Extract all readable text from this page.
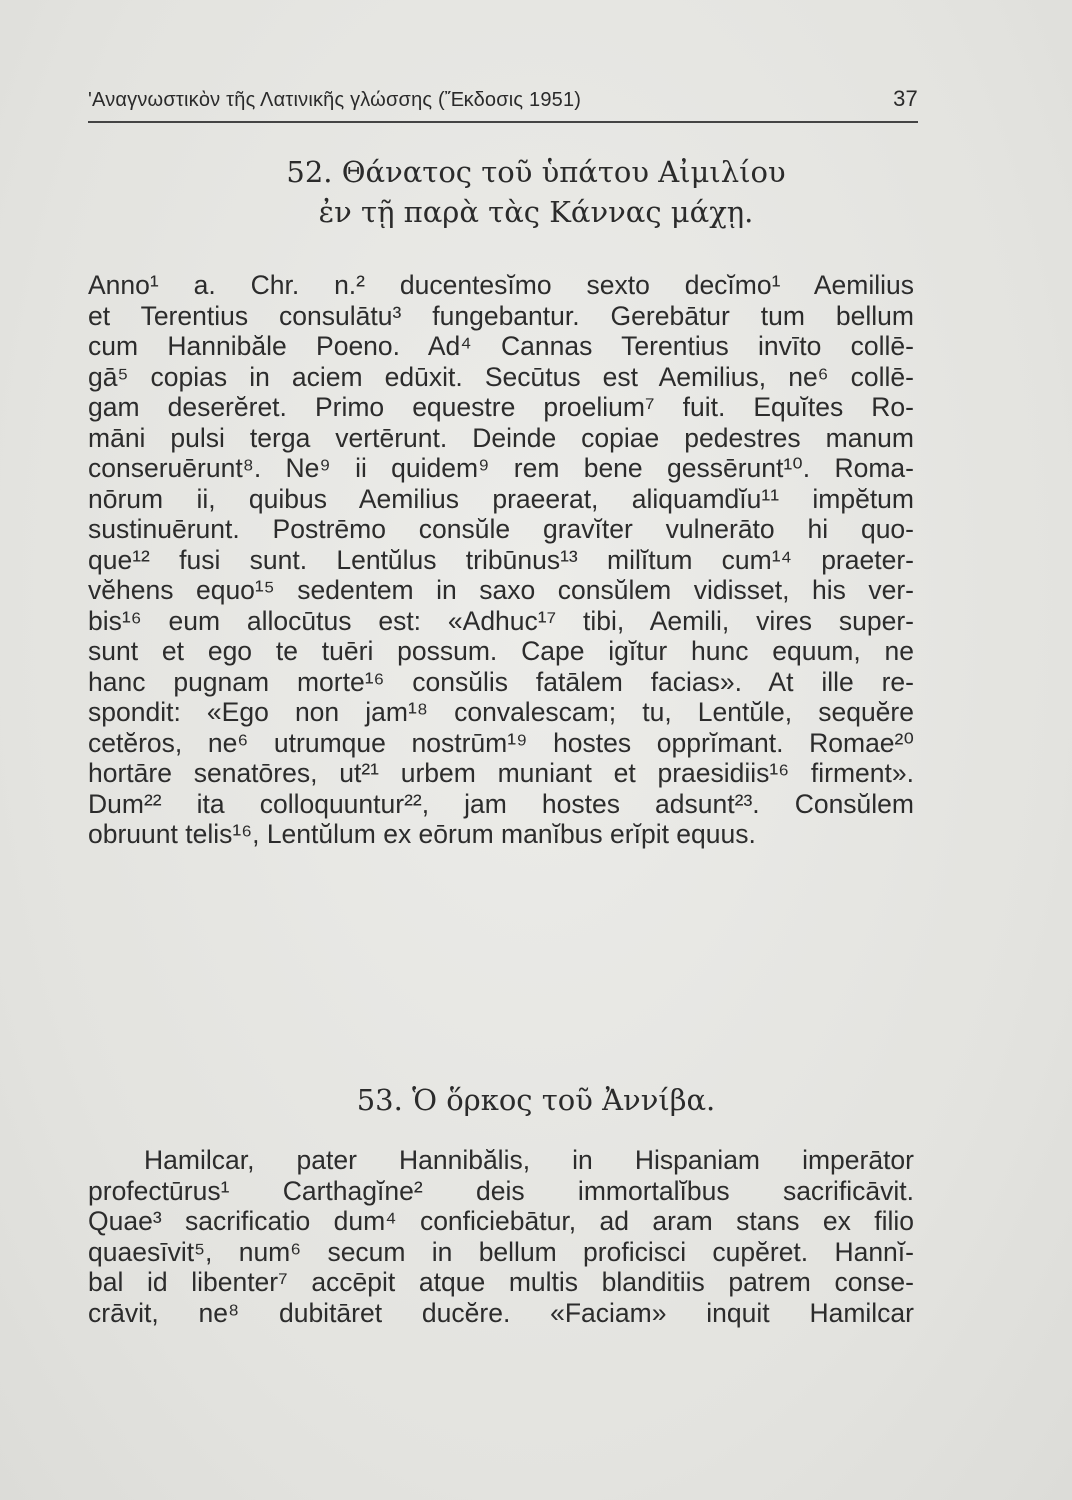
'Αναγνωστικὸν τῆς Λατινικῆς γλώσσης (Ἔκδοσις 1951)	37
52. Θάνατος τοῦ ὑπάτου Αἰμιλίου
ἐν τῇ παρὰ τὰς Κάννας μάχῃ.
Anno¹ a. Chr. n.² ducentesĭmo sexto decĭmo¹ Aemilius
et Terentius consulātu³ fungebantur. Gerebātur tum bellum
cum Hannibăle Poeno. Ad⁴ Cannas Terentius invīto collē-
gā⁵ copias in aciem edūxit. Secūtus est Aemilius, ne⁶ collē-
gam deserĕret. Primo equestre proelium⁷ fuit. Equĭtes Ro-
māni pulsi terga vertērunt. Deinde copiae pedestres manum
conseruērunt⁸. Ne⁹ ii quidem⁹ rem bene gessērunt¹⁰. Roma-
nōrum ii, quibus Aemilius praeerat, aliquamdĭu¹¹ impĕtum
sustinuērunt. Postrēmo consŭle gravĭter vulnerāto hi quo-
que¹² fusi sunt. Lentŭlus tribūnus¹³ milĭtum cum¹⁴ praeter-
vĕhens equo¹⁵ sedentem in saxo consŭlem vidisset, his ver-
bis¹⁶ eum allocūtus est: «Adhuc¹⁷ tibi, Aemili, vires super-
sunt et ego te tuēri possum. Cape igĭtur hunc equum, ne
hanc pugnam morte¹⁶ consŭlis fatālem facias». At ille re-
spondit: «Ego non jam¹⁸ convalescam; tu, Lentŭle, sequĕre
cetĕros, ne⁶ utrumque nostrūm¹⁹ hostes opprĭmant. Romae²⁰
hortāre senatōres, ut²¹ urbem muniant et praesidiis¹⁶ firment».
Dum²² ita colloquuntur²², jam hostes adsunt²³. Consŭlem
obruunt telis¹⁶, Lentŭlum ex eōrum manĭbus erĭpit equus.
53. Ὁ ὅρκος τοῦ Ἀννίβα.
Hamilcar, pater Hannibălis, in Hispaniam imperātor
profectūrus¹ Carthagĭne² deis immortalĭbus sacrificāvit.
Quae³ sacrificatio dum⁴ conficiebātur, ad aram stans ex filio
quaesīvit⁵, num⁶ secum in bellum proficisci cupĕret. Hannĭ-
bal id libenter⁷ accēpit atque multis blanditiis patrem conse-
crāvit, ne⁸ dubitāret ducĕre. «Faciam» inquit Hamilcar
